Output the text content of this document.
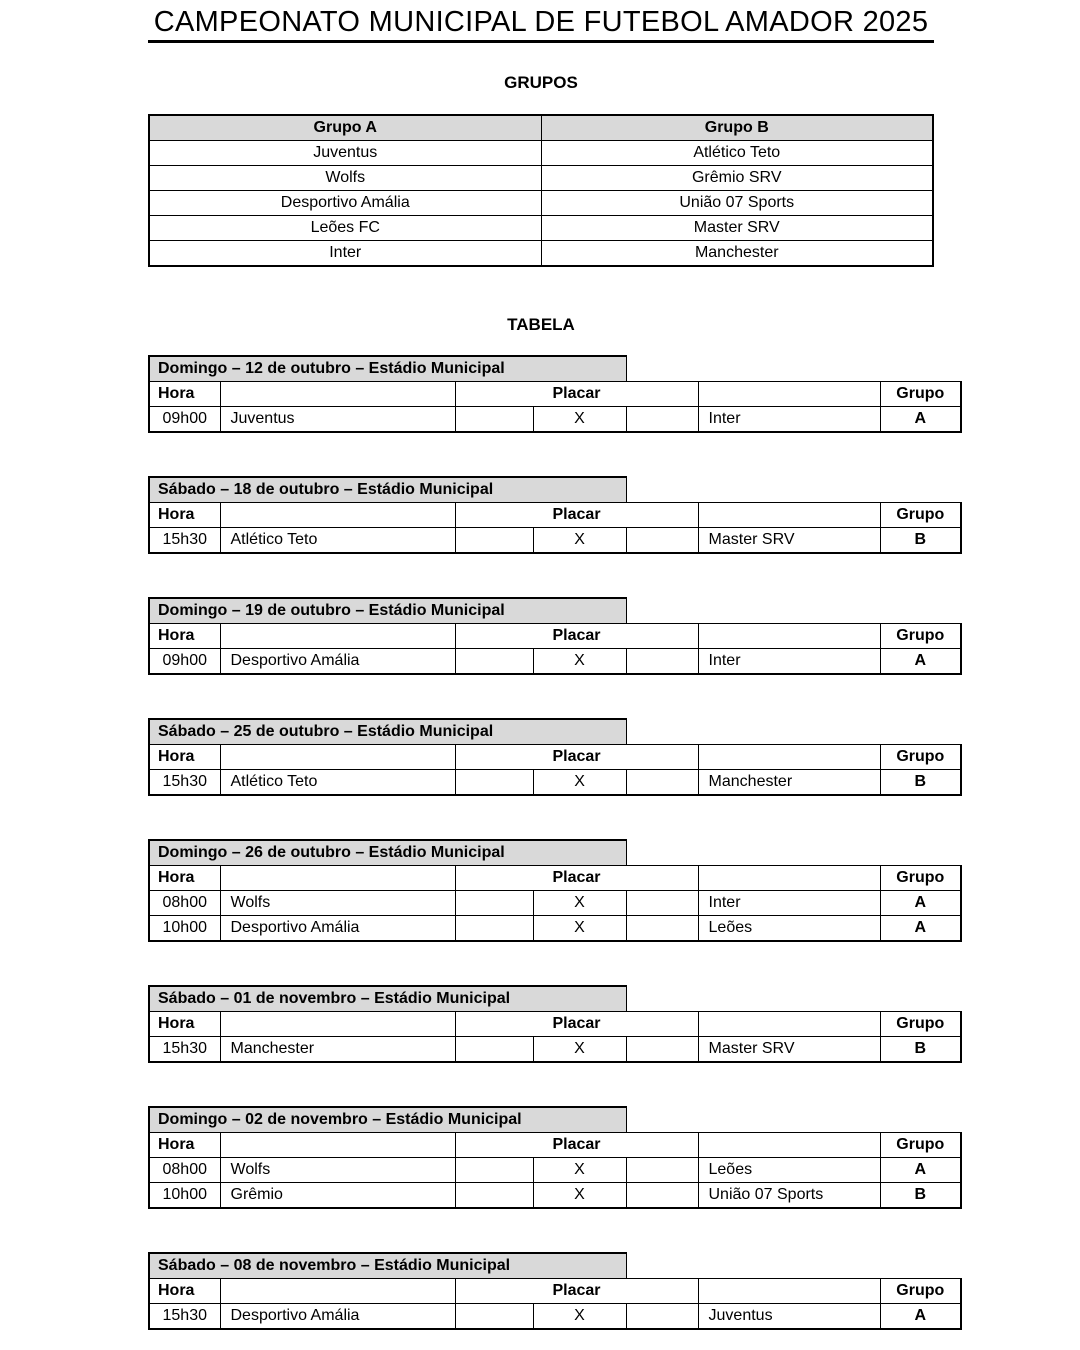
CAMPEONATO MUNICIPAL DE FUTEBOL AMADOR 2025
GRUPOS
Grupo A	Grupo B
Juventus	Atlético Teto
Wolfs	Grêmio SRV
Desportivo Amália	União 07 Sports
Leões FC	Master SRV
Inter	Manchester
TABELA
Domingo – 12 de outubro – Estádio Municipal						
Hora		Placar				Grupo
09h00	Juventus		X		Inter	A
Sábado – 18 de outubro – Estádio Municipal						
Hora		Placar				Grupo
15h30	Atlético Teto		X		Master SRV	B
Domingo – 19 de outubro – Estádio Municipal						
Hora		Placar				Grupo
09h00	Desportivo Amália		X		Inter	A
Sábado – 25 de outubro – Estádio Municipal						
Hora		Placar				Grupo
15h30	Atlético Teto		X		Manchester	B
Domingo – 26 de outubro – Estádio Municipal						
Hora		Placar				Grupo
08h00	Wolfs		X		Inter	A
10h00	Desportivo Amália		X		Leões	A
Sábado – 01 de novembro – Estádio Municipal						
Hora		Placar				Grupo
15h30	Manchester		X		Master SRV	B
Domingo – 02 de novembro – Estádio Municipal						
Hora		Placar				Grupo
08h00	Wolfs		X		Leões	A
10h00	Grêmio		X		União 07 Sports	B
Sábado – 08 de novembro – Estádio Municipal						
Hora		Placar				Grupo
15h30	Desportivo Amália		X		Juventus	A
